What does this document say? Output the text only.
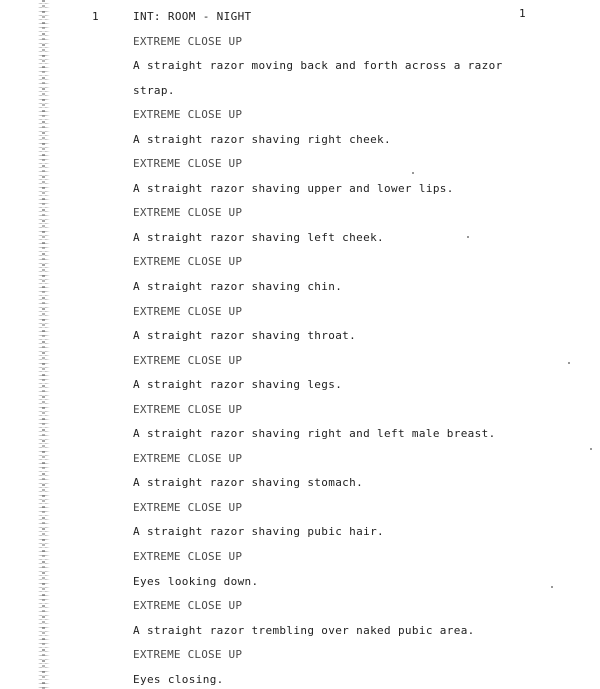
1	1
INT: ROOM - NIGHT
EXTREME CLOSE UP
A straight razor moving back and forth across a razor
strap.
EXTREME CLOSE UP
A straight razor shaving right cheek.
EXTREME CLOSE UP
A straight razor shaving upper and lower lips.
EXTREME CLOSE UP
A straight razor shaving left cheek.
EXTREME CLOSE UP
A straight razor shaving chin.
EXTREME CLOSE UP
A straight razor shaving throat.
EXTREME CLOSE UP
A straight razor shaving legs.
EXTREME CLOSE UP
A straight razor shaving right and left male breast.
EXTREME CLOSE UP
A straight razor shaving stomach.
EXTREME CLOSE UP
A straight razor shaving pubic hair.
EXTREME CLOSE UP
Eyes looking down.
EXTREME CLOSE UP
A straight razor trembling over naked pubic area.
EXTREME CLOSE UP
Eyes closing.
